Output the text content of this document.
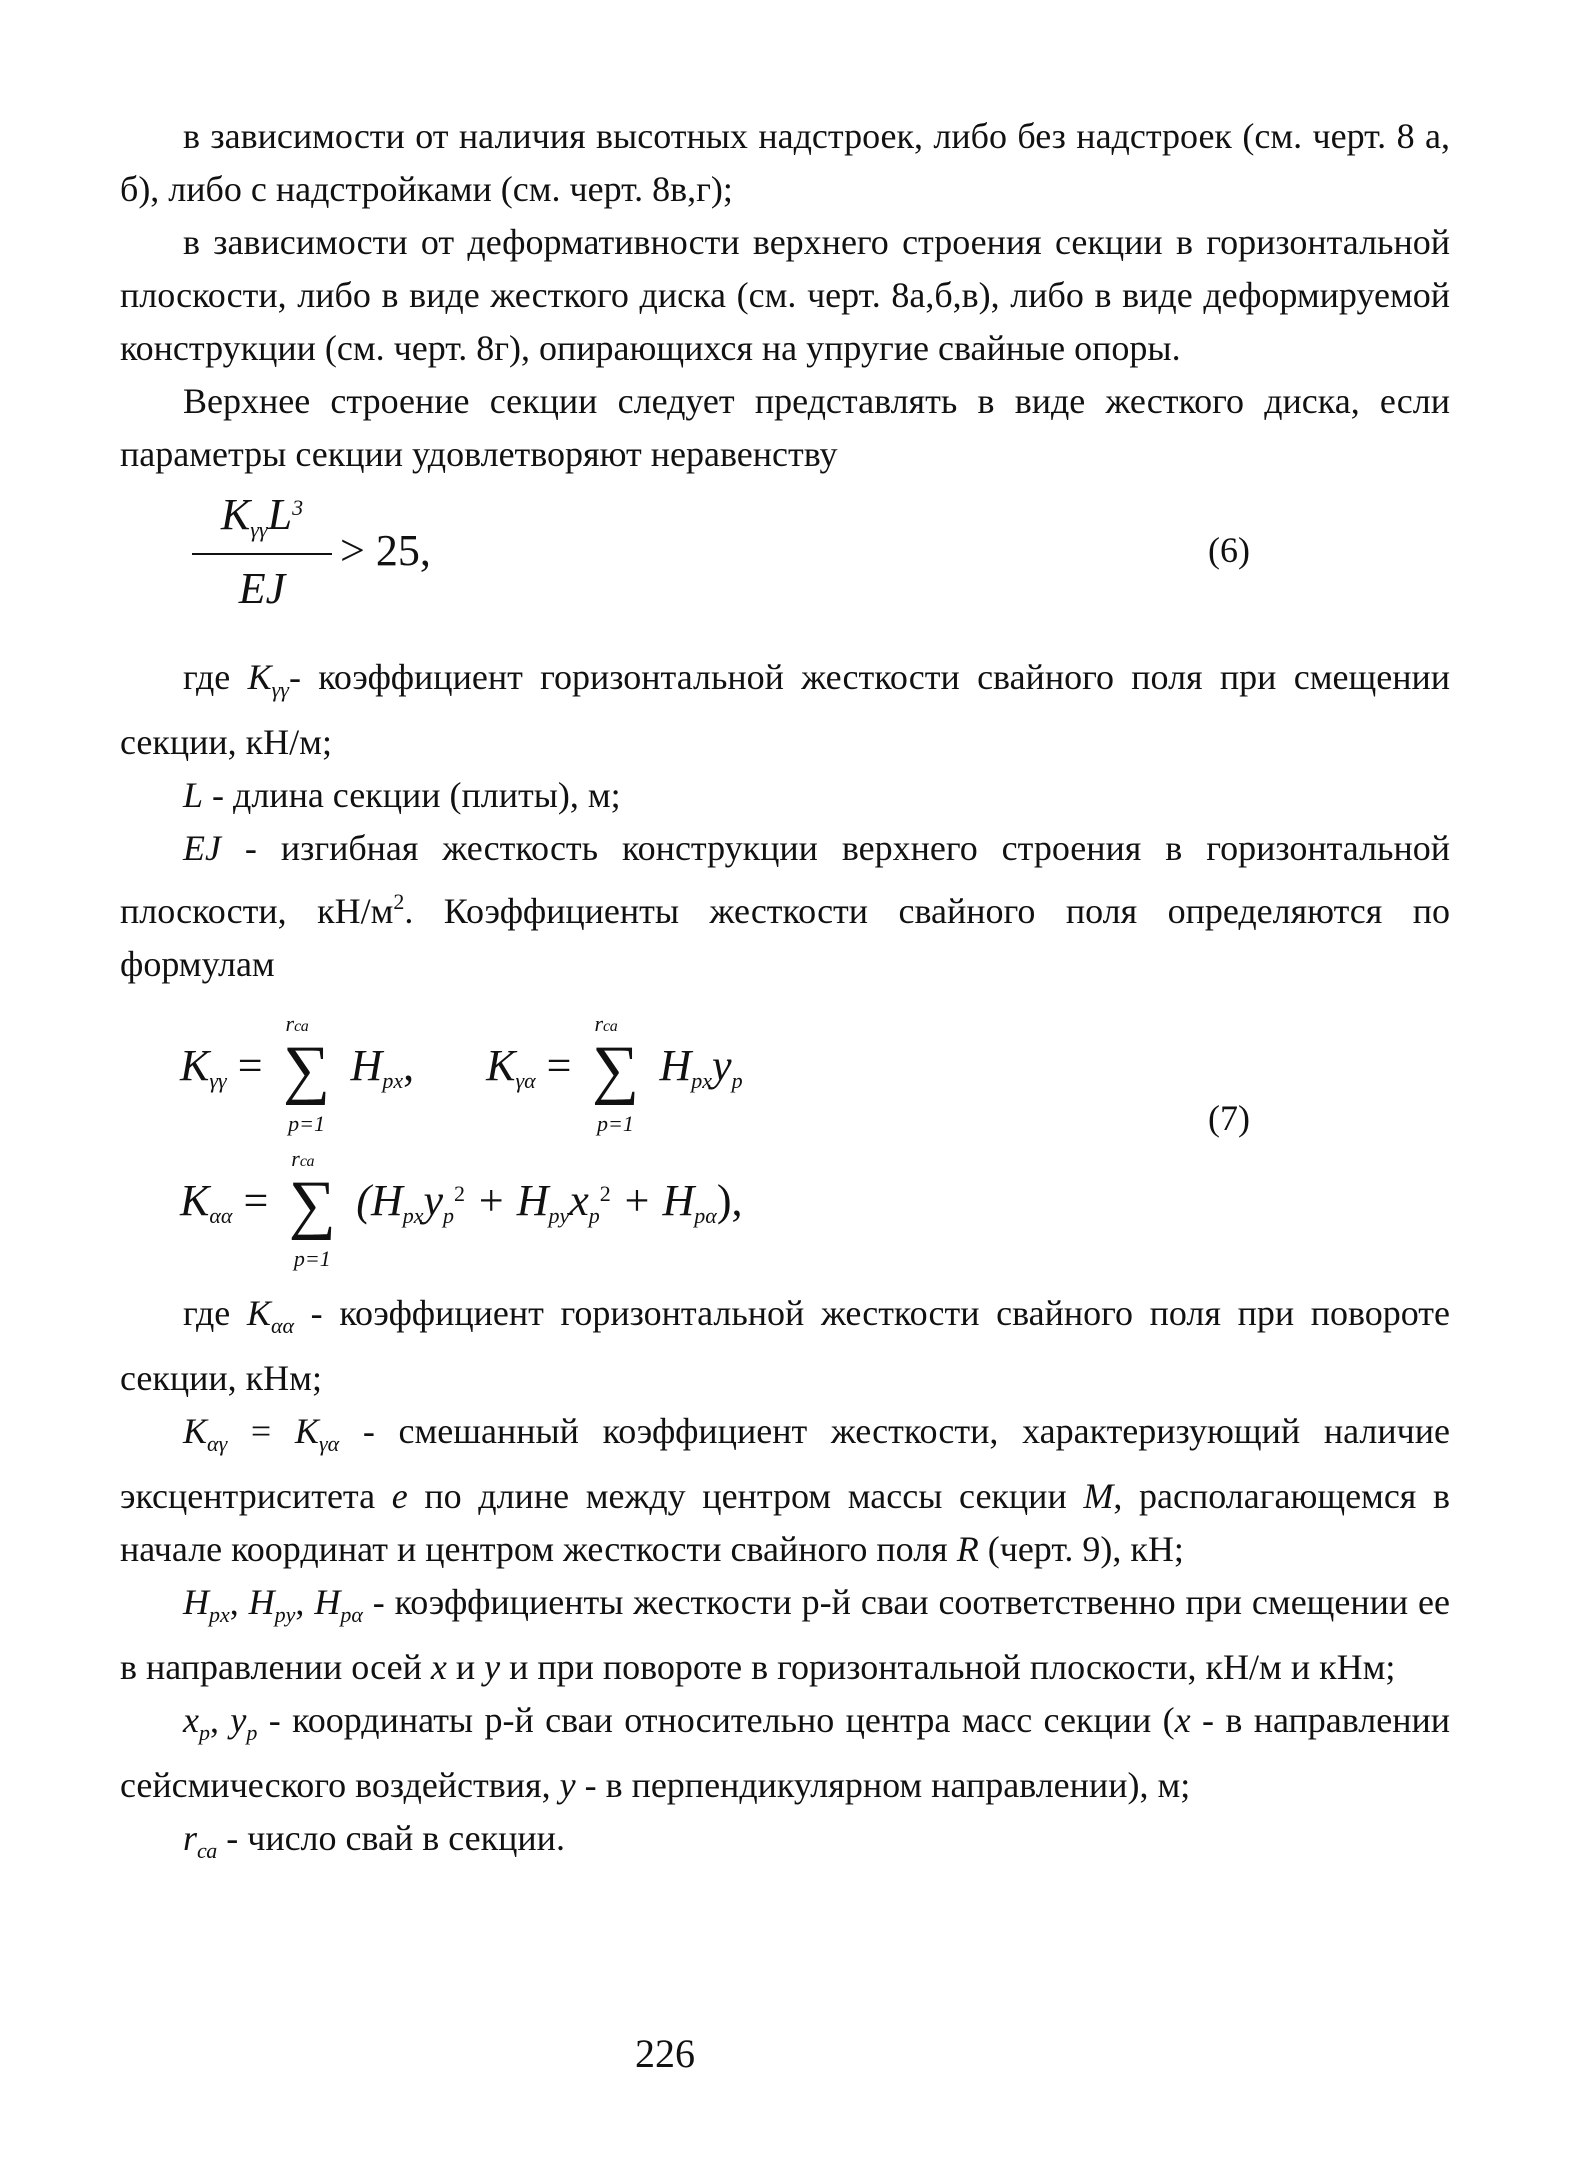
в зависимости от наличия высотных надстроек, либо без надстроек (см. черт. 8 а, б), либо с надстройками (см. черт. 8в,г);

в зависимости от деформативности верхнего строения секции в горизонтальной плоскости, либо в виде жесткого диска (см. черт. 8а,б,в), либо в виде деформируемой конструкции (см. черт. 8г), опирающихся на упругие свайные опоры.

Верхнее строение секции следует представлять в виде жесткого диска, если параметры секции удовлетворяют неравенству

$K_{\gamma\gamma}L^3$
EJ
> 25,	(6)

где $K_{\gamma\gamma}-$ коэффициент горизонтальной жесткости свайного поля при смещении секции, кН/м;

L - длина секции (плиты), м;

EJ - изгибная жесткость конструкции верхнего строения в горизонтальной плоскости, $кН/м^2$. Коэффициенты жесткости свайного поля определяются по формулам

$K_{\gamma\gamma}$ =
rса
∑
p=1
$H_{px}$, $K_{\gamma\alpha}$ =
rса
∑
p=1
$H_{px}y_p$
(7)
$K_{\alpha\alpha}$ =
rса
∑
p=1
$(H_{px}y_p^2 + H_{py}x_p^2 + H_{p\alpha})$,

где $K_{\alpha\alpha}$ - коэффициент горизонтальной жесткости свайного поля при повороте секции, кНм;

$K_{\alpha\gamma} = K_{\gamma\alpha}$ - смешанный коэффициент жесткости, характеризующий наличие эксцентриситета e по длине между центром массы секции M, располагающемся в начале координат и центром жесткости свайного поля R (черт. 9), кН;

$H_{px}$, $H_{py}$, $H_{p\alpha}$ - коэффициенты жесткости p-й сваи соответственно при смещении ее в направлении осей x и y и при повороте в горизонтальной плоскости, кН/м и кНм;

$x_p$, $y_p$ - координаты p-й сваи относительно центра масс секции (x - в направлении сейсмического воздействия, y - в перпендикулярном направлении), м;

$r_{са}$ - число свай в секции.

226
